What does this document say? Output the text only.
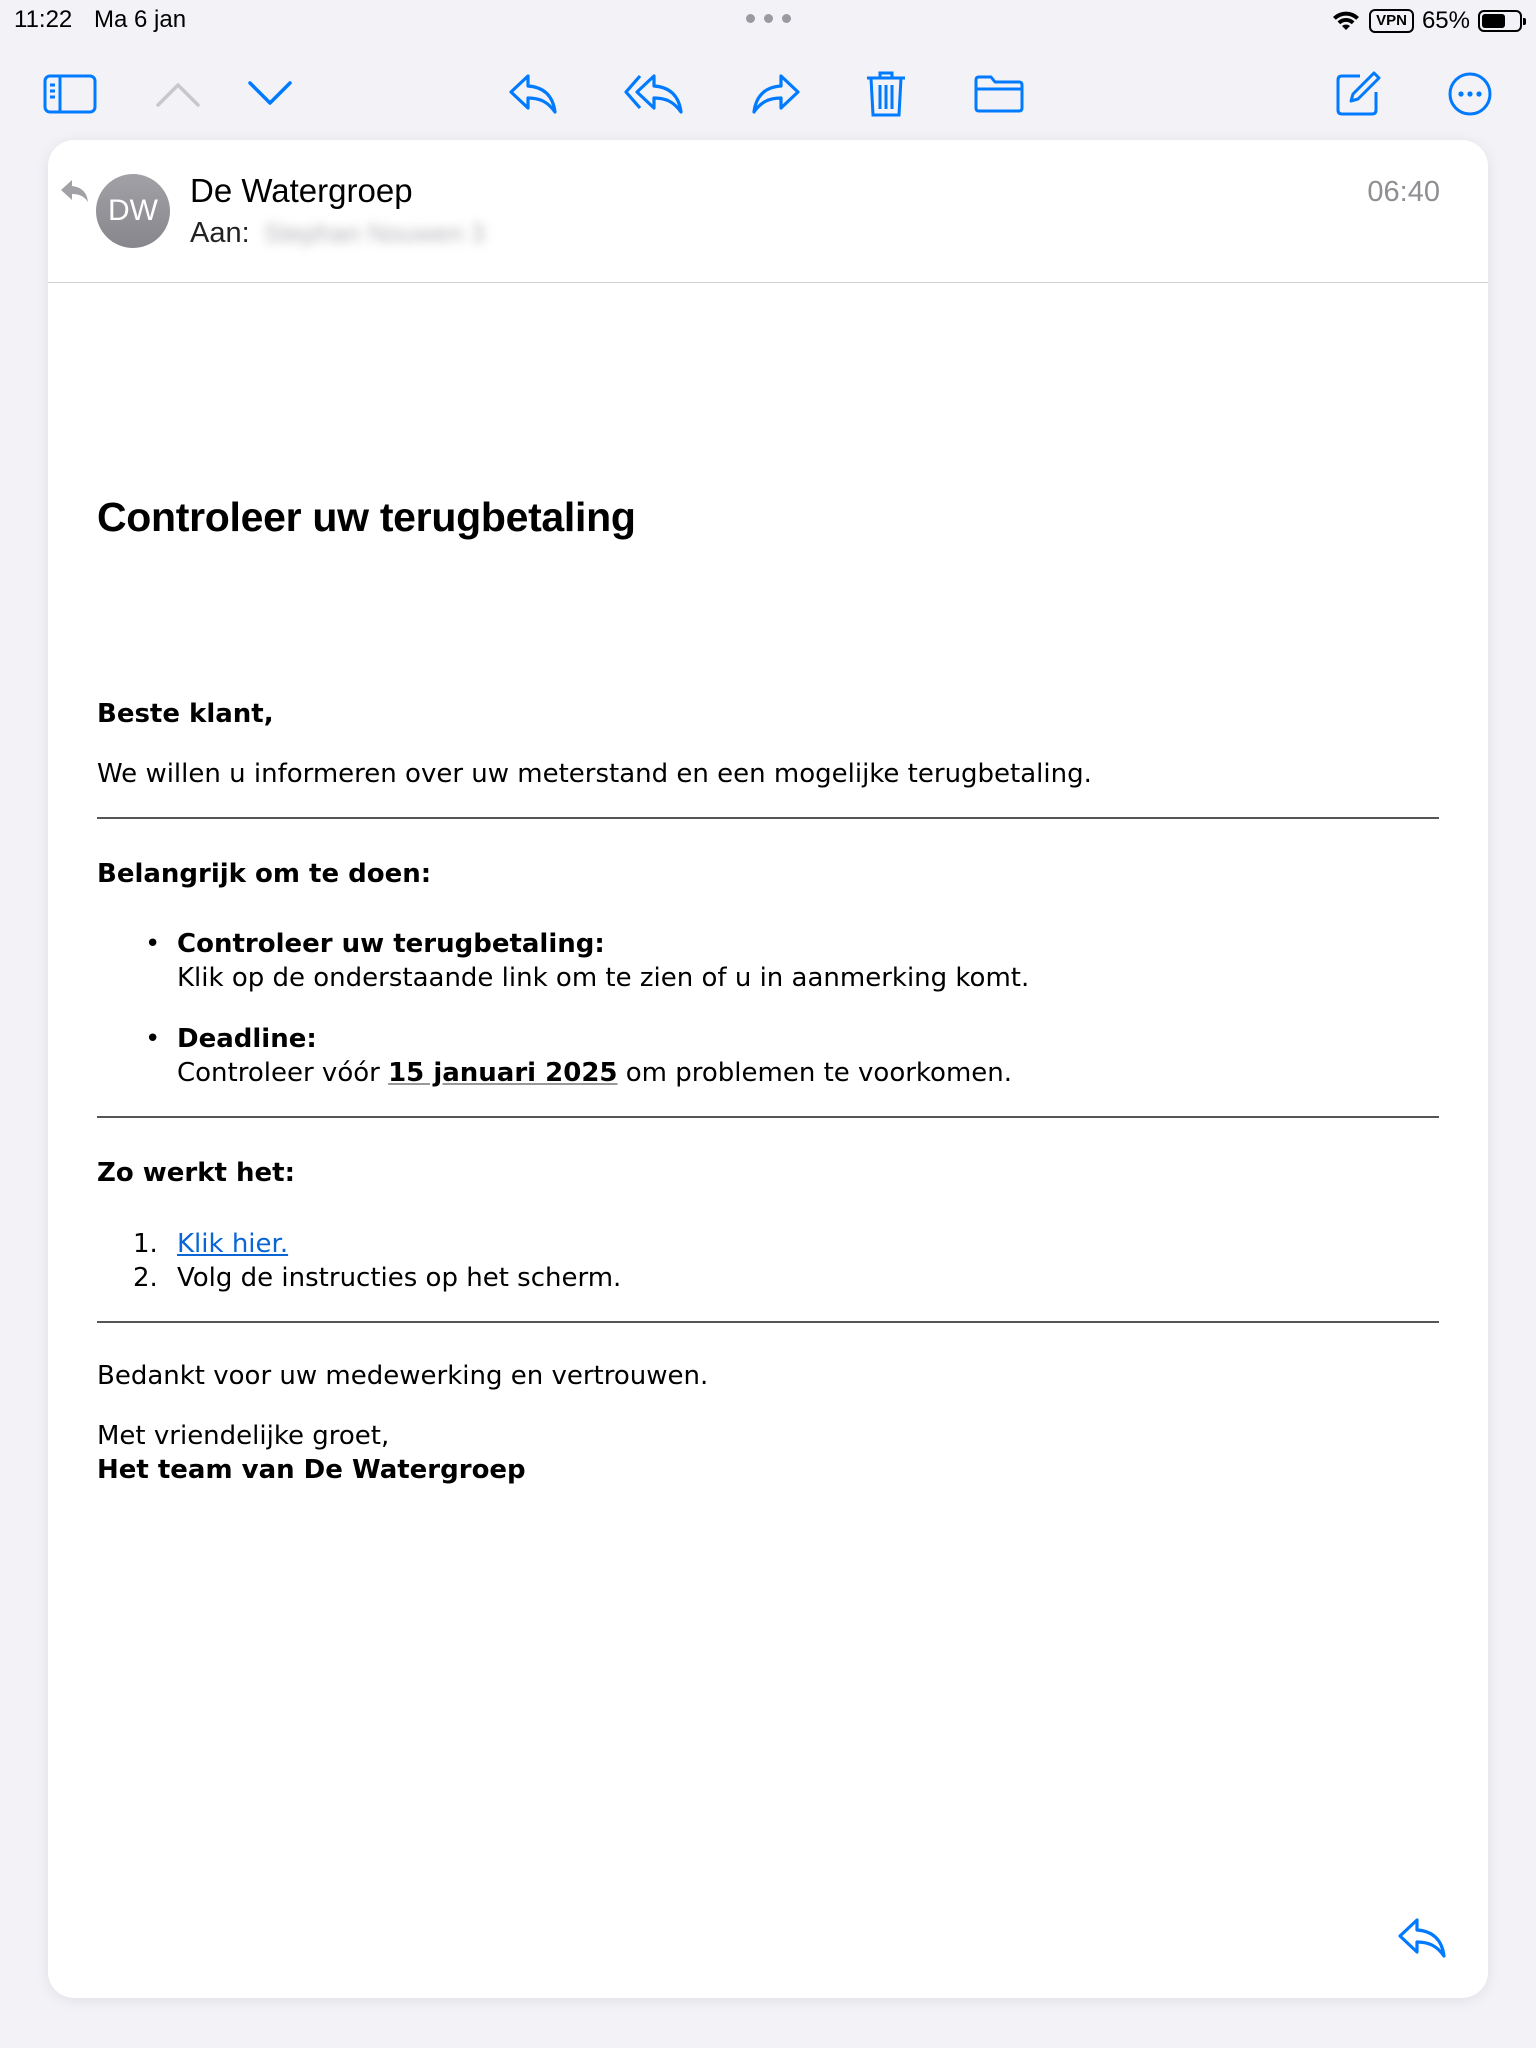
11:22 Ma 6 jan	VPN 65%
DW
De Watergroep
Aan: Stephan Nouwen 3
06:40
Controleer uw terugbetaling
Beste klant,
We willen u informeren over uw meterstand en een mogelijke terugbetaling.
Belangrijk om te doen:
• Controleer uw terugbetaling:
Klik op de onderstaande link om te zien of u in aanmerking komt.
• Deadline:
Controleer vóór 15 januari 2025 om problemen te voorkomen.
Zo werkt het:
1. Klik hier.
2. Volg de instructies op het scherm.
Bedankt voor uw medewerking en vertrouwen.
Met vriendelijke groet,
Het team van De Watergroep
